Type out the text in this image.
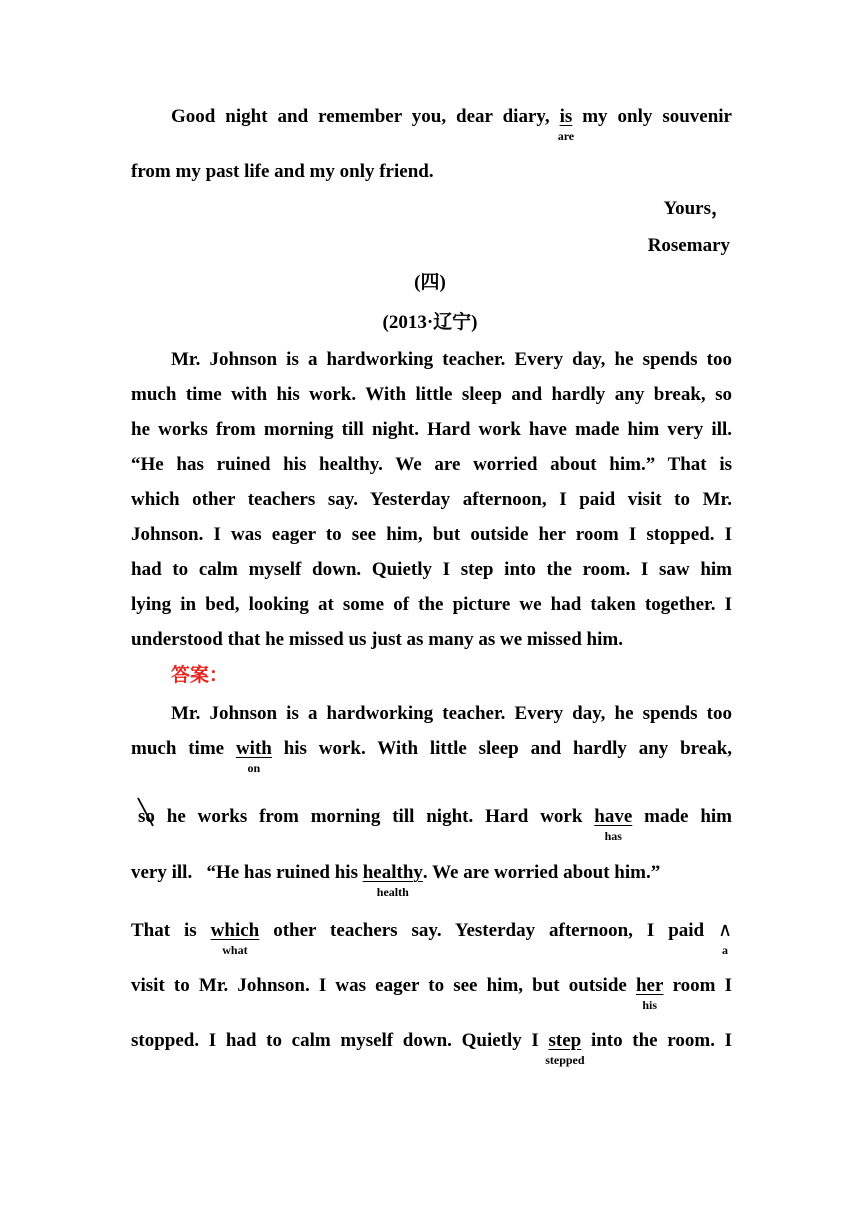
Good night and remember you, dear diary, is
are
my only souvenir
from my past life and my only friend.
Yours，
Rosemary
(四)
(2013·辽宁)
Mr. Johnson is a hardworking teacher. Every day, he spends too
much time with his work. With little sleep and hardly any break, so
he works from morning till night. Hard work have made him very ill.
“He has ruined his healthy. We are worried about him.” That is
which other teachers say. Yesterday afternoon, I paid visit to Mr.
Johnson. I was eager to see him, but outside her room I stopped. I
had to calm myself down. Quietly I step into the room. I saw him
lying in bed, looking at some of the picture we had taken together. I
understood that he missed us just as many as we missed him.
答案：
Mr. Johnson is a hardworking teacher. Every day, he spends too
much time with
on
his work. With little sleep and hardly any break,
so he works from morning till night. Hard work have
has
made him
very ill. “He has ruined his healthy
health
. We are worried about him.”
That is which
what
other teachers say. Yesterday afternoon, I paid ∧
a
visit to Mr. Johnson. I was eager to see him, but outside her
his
room I
stopped. I had to calm myself down. Quietly I step
stepped
into the room. I
